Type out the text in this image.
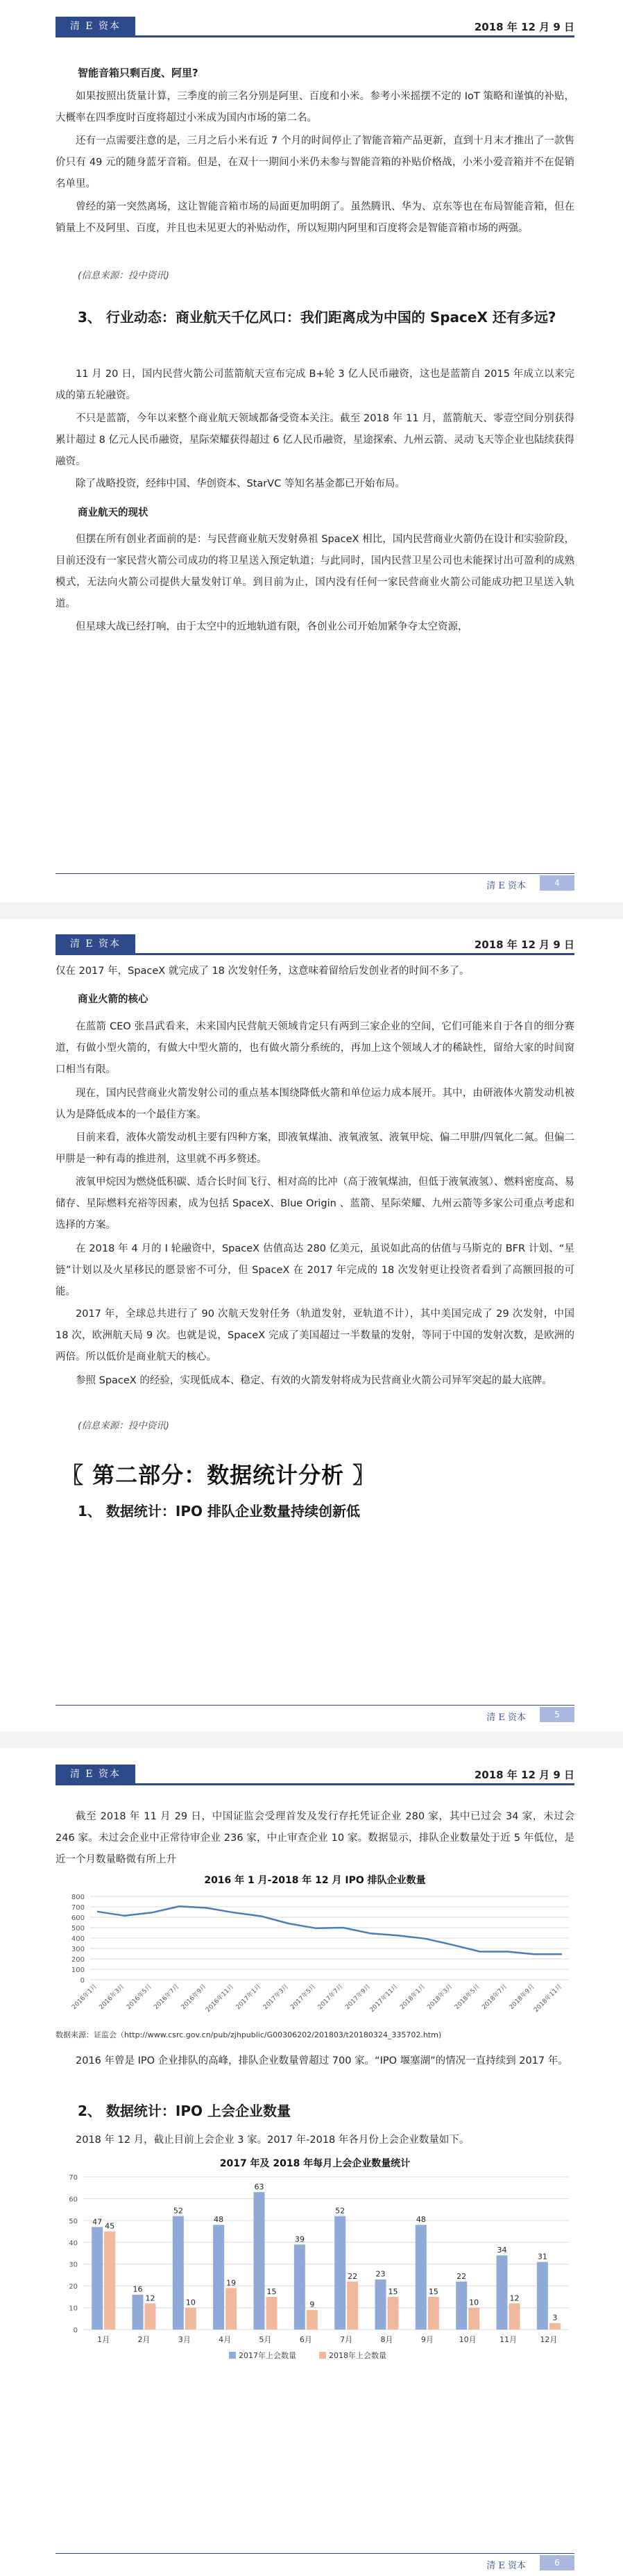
清 E 资本	2018 年 12 月 9 日
智能音箱只剩百度、阿里?
如果按照出货量计算，三季度的前三名分别是阿里、百度和小米。参考小米摇摆不定的 IoT 策略和谨慎的补贴，大概率在四季度时百度将超过小米成为国内市场的第二名。
还有一点需要注意的是，三月之后小米有近 7 个月的时间停止了智能音箱产品更新，直到十月末才推出了一款售价只有 49 元的随身蓝牙音箱。但是，在双十一期间小米仍未参与智能音箱的补贴价格战，小米小爱音箱并不在促销名单里。
曾经的第一突然离场，这让智能音箱市场的局面更加明朗了。虽然腾讯、华为、京东等也在布局智能音箱，但在销量上不及阿里、百度，并且也未见更大的补贴动作，所以短期内阿里和百度将会是智能音箱市场的两强。
(信息来源：投中资讯)
3、 行业动态：商业航天千亿风口：我们距离成为中国的 SpaceX 还有多远?
11 月 20 日，国内民营火箭公司蓝箭航天宣布完成 B+轮 3 亿人民币融资，这也是蓝箭自 2015 年成立以来完成的第五轮融资。
不只是蓝箭，今年以来整个商业航天领域都备受资本关注。截至 2018 年 11 月，蓝箭航天、零壹空间分别获得累计超过 8 亿元人民币融资，星际荣耀获得超过 6 亿人民币融资，星途探索、九州云箭、灵动飞天等企业也陆续获得融资。
除了战略投资，经纬中国、华创资本、StarVC 等知名基金都已开始布局。
商业航天的现状
但摆在所有创业者面前的是：与民营商业航天发射鼻祖 SpaceX 相比，国内民营商业火箭仍在设计和实验阶段，目前还没有一家民营火箭公司成功的将卫星送入预定轨道；与此同时，国内民营卫星公司也未能探讨出可盈利的成熟模式，无法向火箭公司提供大量发射订单。到目前为止，国内没有任何一家民营商业火箭公司能成功把卫星送入轨道。
但星球大战已经打响，由于太空中的近地轨道有限，各创业公司开始加紧争夺太空资源，
清 E 资本	4
清 E 资本	2018 年 12 月 9 日
仅在 2017 年，SpaceX 就完成了 18 次发射任务，这意味着留给后发创业者的时间不多了。
商业火箭的核心
在蓝箭 CEO 张昌武看来，未来国内民营航天领域肯定只有两到三家企业的空间，它们可能来自于各自的细分赛道，有做小型火箭的，有做大中型火箭的，也有做火箭分系统的，再加上这个领域人才的稀缺性，留给大家的时间窗口相当有限。
现在，国内民营商业火箭发射公司的重点基本围绕降低火箭和单位运力成本展开。其中，由研液体火箭发动机被认为是降低成本的一个最佳方案。
目前来看，液体火箭发动机主要有四种方案，即液氧煤油、液氧液氢、液氧甲烷、偏二甲肼/四氧化二氮。但偏二甲肼是一种有毒的推进剂，这里就不再多赘述。
液氧甲烷因为燃烧低积碳、适合长时间飞行、相对高的比冲（高于液氧煤油，但低于液氧液氢）、燃料密度高、易储存、星际燃料充裕等因素，成为包括 SpaceX、Blue Origin 、蓝箭、星际荣耀、九州云箭等多家公司重点考虑和选择的方案。
在 2018 年 4 月的 I 轮融资中，SpaceX 估值高达 280 亿美元，虽说如此高的估值与马斯克的 BFR 计划、“星链”计划以及火星移民的愿景密不可分，但 SpaceX 在 2017 年完成的 18 次发射更让投资者看到了高额回报的可能。
2017 年，全球总共进行了 90 次航天发射任务（轨道发射，亚轨道不计），其中美国完成了 29 次发射，中国 18 次，欧洲航天局 9 次。也就是说，SpaceX 完成了美国超过一半数量的发射，等同于中国的发射次数，是欧洲的两倍。所以低价是商业航天的核心。
参照 SpaceX 的经验，实现低成本、稳定、有效的火箭发射将成为民营商业火箭公司异军突起的最大底牌。
(信息来源：投中资讯)
〖 第二部分：数据统计分析 〗
1、 数据统计：IPO 排队企业数量持续创新低
清 E 资本	5
清 E 资本	2018 年 12 月 9 日
截至 2018 年 11 月 29 日，中国证监会受理首发及发行存托凭证企业 280 家，其中已过会 34 家，未过会 246 家。未过会企业中正常待审企业 236 家，中止审查企业 10 家。数据显示，排队企业数量处于近 5 年低位，是近一个月数量略微有所上升
2016 年 1 月-2018 年 12 月 IPO 排队企业数量
0
100
200
300
400
500
600
700
800
2016年1月 2016年3月 2016年5月 2016年7月 2016年9月
2016年11月 2017年1月 2017年3月 2017年5月 2017年7月 2017年9月
2017年11月 2018年1月 2018年3月 2018年5月 2018年7月 2018年9月
2018年11月
数据来源：证监会（http://www.csrc.gov.cn/pub/zjhpublic/G00306202/201803/t20180324_335702.htm)
2016 年曾是 IPO 企业排队的高峰，排队企业数量曾超过 700 家。“IPO 堰塞湖”的情况一直持续到 2017 年。
2、 数据统计：IPO 上会企业数量
2018 年 12 月，截止目前上会企业 3 家。2017 年-2018 年各月份上会企业数量如下。
2017 年及 2018 年每月上会企业数量统计
0
10
20
30
40
50
60
70
47 45
1月
16
12
2月
52
10
3月
48
19
4月
63
15
5月
39
9
6月
52
22
7月
23
15
8月
48
15
9月
22
10
10月
34
12
11月
31
3
12月
2017年上会数量	2018年上会数量
清 E 资本	6
